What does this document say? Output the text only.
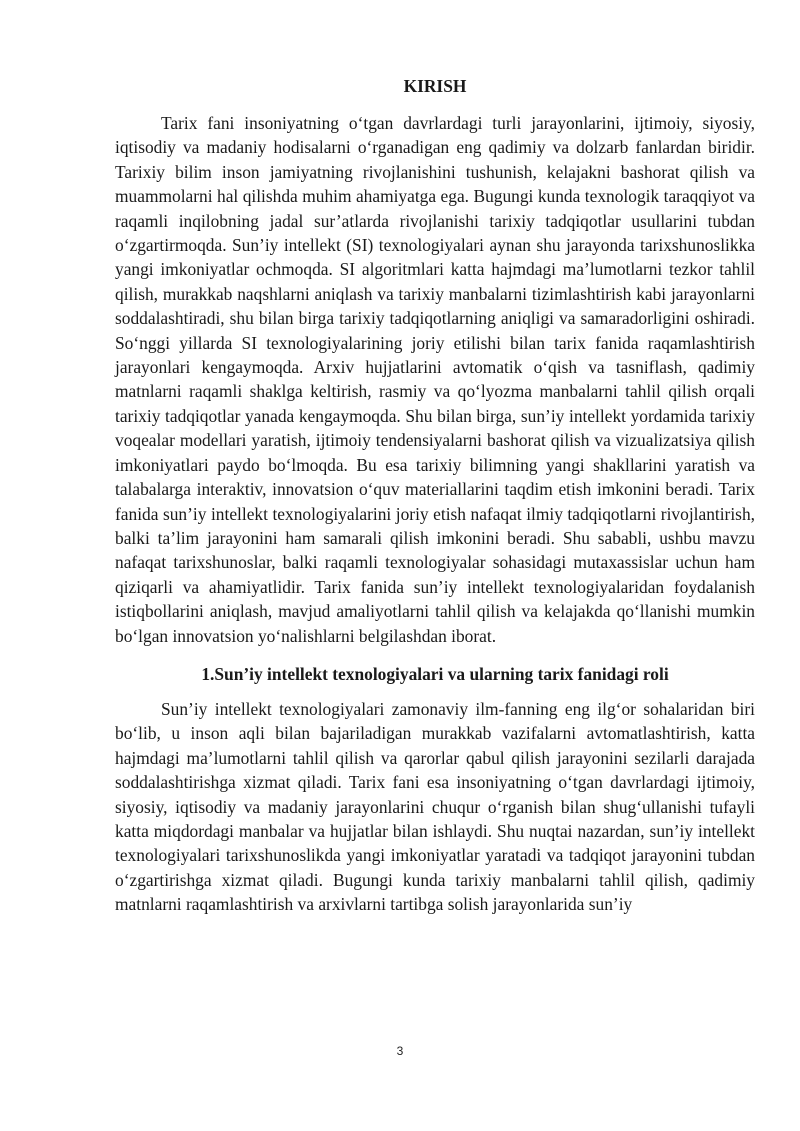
KIRISH

Tarix fani insoniyatning o‘tgan davrlardagi turli jarayonlarini, ijtimoiy, siyosiy, iqtisodiy va madaniy hodisalarni o‘rganadigan eng qadimiy va dolzarb fanlardan biridir. Tarixiy bilim inson jamiyatning rivojlanishini tushunish, kelajakni bashorat qilish va muammolarni hal qilishda muhim ahamiyatga ega. Bugungi kunda texnologik taraqqiyot va raqamli inqilobning jadal sur’atlarda rivojlanishi tarixiy tadqiqotlar usullarini tubdan o‘zgartirmoqda. Sun’iy intellekt (SI) texnologiyalari aynan shu jarayonda tarixshunoslikka yangi imkoniyatlar ochmoqda. SI algoritmlari katta hajmdagi ma’lumotlarni tezkor tahlil qilish, murakkab naqshlarni aniqlash va tarixiy manbalarni tizimlashtirish kabi jarayonlarni soddalashtiradi, shu bilan birga tarixiy tadqiqotlarning aniqligi va samaradorligini oshiradi. So‘nggi yillarda SI texnologiyalarining joriy etilishi bilan tarix fanida raqamlashtirish jarayonlari kengaymoqda. Arxiv hujjatlarini avtomatik o‘qish va tasniflash, qadimiy matnlarni raqamli shaklga keltirish, rasmiy va qo‘lyozma manbalarni tahlil qilish orqali tarixiy tadqiqotlar yanada kengaymoqda. Shu bilan birga, sun’iy intellekt yordamida tarixiy voqealar modellari yaratish, ijtimoiy tendensiyalarni bashorat qilish va vizualizatsiya qilish imkoniyatlari paydo bo‘lmoqda. Bu esa tarixiy bilimning yangi shakllarini yaratish va talabalarga interaktiv, innovatsion o‘quv materiallarini taqdim etish imkonini beradi. Tarix fanida sun’iy intellekt texnologiyalarini joriy etish nafaqat ilmiy tadqiqotlarni rivojlantirish, balki ta’lim jarayonini ham samarali qilish imkonini beradi. Shu sababli, ushbu mavzu nafaqat tarixshunoslar, balki raqamli texnologiyalar sohasidagi mutaxassislar uchun ham qiziqarli va ahamiyatlidir. Tarix fanida sun’iy intellekt texnologiyalaridan foydalanish istiqbollarini aniqlash, mavjud amaliyotlarni tahlil qilish va kelajakda qo‘llanishi mumkin bo‘lgan innovatsion yo‘nalishlarni belgilashdan iborat.

1.Sun’iy intellekt texnologiyalari va ularning tarix fanidagi roli

Sun’iy intellekt texnologiyalari zamonaviy ilm-fanning eng ilg‘or sohalaridan biri bo‘lib, u inson aqli bilan bajariladigan murakkab vazifalarni avtomatlashtirish, katta hajmdagi ma’lumotlarni tahlil qilish va qarorlar qabul qilish jarayonini sezilarli darajada soddalashtirishga xizmat qiladi. Tarix fani esa insoniyatning o‘tgan davrlardagi ijtimoiy, siyosiy, iqtisodiy va madaniy jarayonlarini chuqur o‘rganish bilan shug‘ullanishi tufayli katta miqdordagi manbalar va hujjatlar bilan ishlaydi. Shu nuqtai nazardan, sun’iy intellekt texnologiyalari tarixshunoslikda yangi imkoniyatlar yaratadi va tadqiqot jarayonini tubdan o‘zgartirishga xizmat qiladi. Bugungi kunda tarixiy manbalarni tahlil qilish, qadimiy matnlarni raqamlashtirish va arxivlarni tartibga solish jarayonlarida sun’iy

3
